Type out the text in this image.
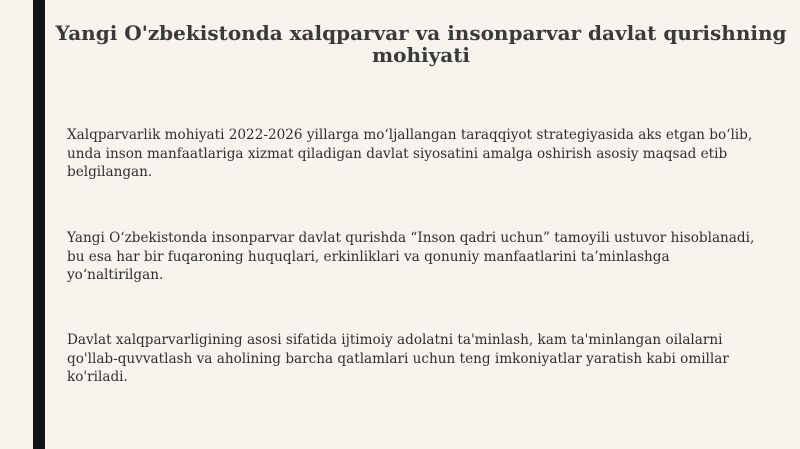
Yangi O'zbekistonda xalqparvar va insonparvar davlat qurishning mohiyati

Xalqparvarlik mohiyati 2022-2026 yillarga mo‘ljallangan taraqqiyot strategiyasida aks etgan bo‘lib, unda inson manfaatlariga xizmat qiladigan davlat siyosatini amalga oshirish asosiy maqsad etib belgilangan.

Yangi O‘zbekistonda insonparvar davlat qurishda “Inson qadri uchun” tamoyili ustuvor hisoblanadi, bu esa har bir fuqaroning huquqlari, erkinliklari va qonuniy manfaatlarini ta’minlashga yo‘naltirilgan.

Davlat xalqparvarligining asosi sifatida ijtimoiy adolatni ta'minlash, kam ta'minlangan oilalarni qo'llab-quvvatlash va aholining barcha qatlamlari uchun teng imkoniyatlar yaratish kabi omillar ko'riladi.
